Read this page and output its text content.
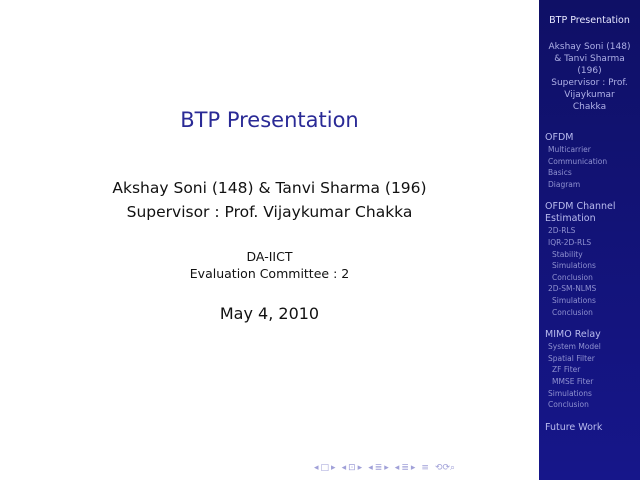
BTP Presentation
Akshay Soni (148) & Tanvi Sharma (196)
Supervisor : Prof. Vijaykumar Chakka
DA-IICT
Evaluation Committee : 2
May 4, 2010
◂ □ ▸ ◂ ⊡ ▸ ◂ ≣ ▸ ◂ ≣ ▸ ≡ ⟲⟳⌕
BTP Presentation
Akshay Soni (148)
& Tanvi Sharma
(196)
Supervisor : Prof.
Vijaykumar
Chakka
OFDM
Multicarrier Communication
Basics
Diagram
OFDM Channel Estimation
2D-RLS
IQR-2D-RLS
Stability
Simulations
Conclusion
2D-SM-NLMS
Simulations
Conclusion
MIMO Relay
System Model
Spatial Filter
ZF Fiter
MMSE Fiter
Simulations
Conclusion
Future Work
